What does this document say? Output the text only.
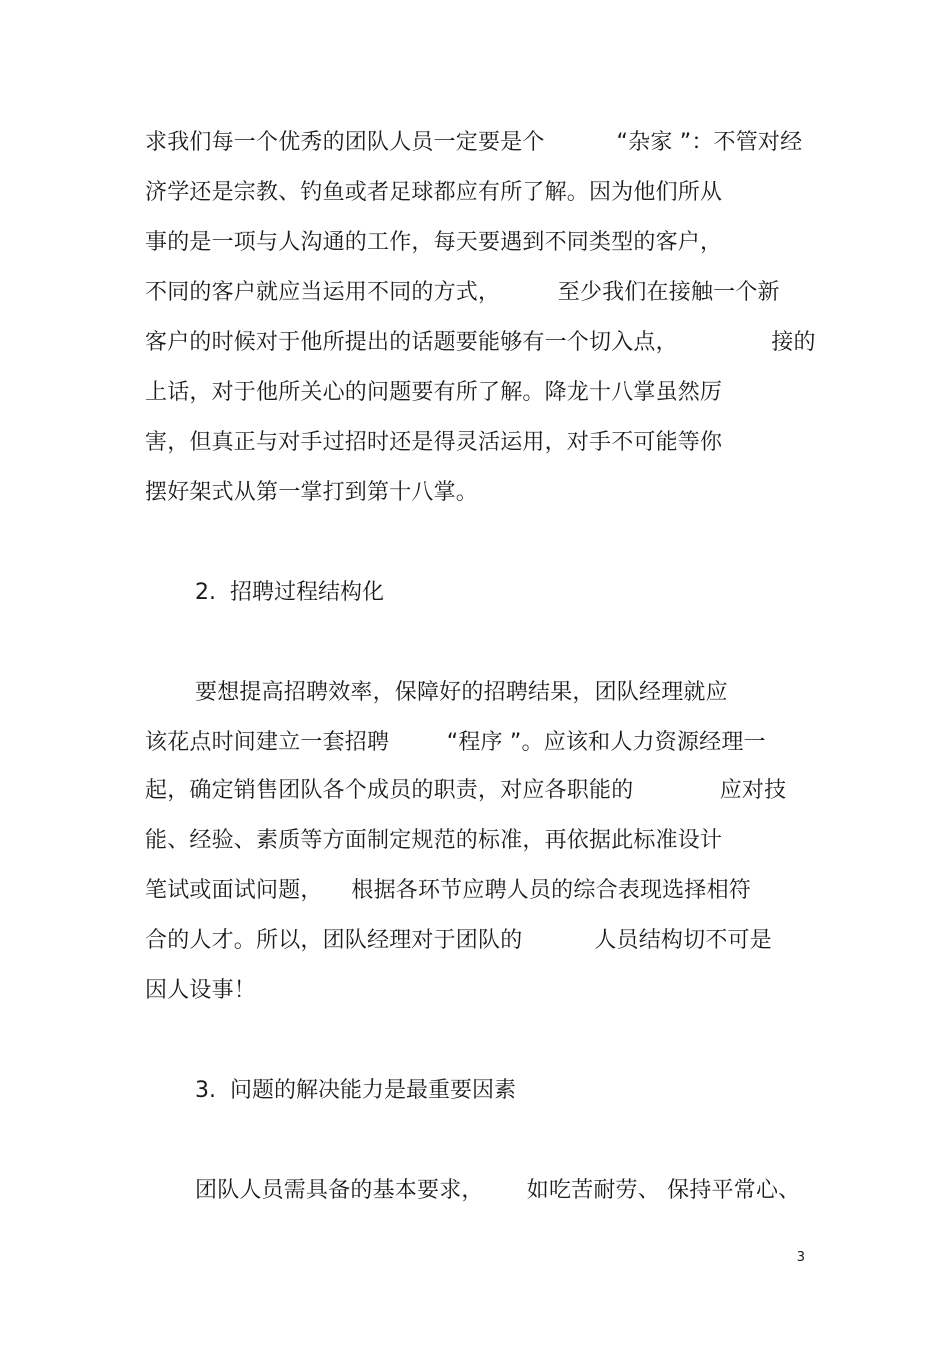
求我们每一个优秀的团队人员一定要是个          “杂家 ”：不管对经
济学还是宗教、钓鱼或者足球都应有所了解。因为他们所从
事的是一项与人沟通的工作，每天要遇到不同类型的客户，
不同的客户就应当运用不同的方式，        至少我们在接触一个新
客户的时候对于他所提出的话题要能够有一个切入点，             接的
上话，对于他所关心的问题要有所了解。降龙十八掌虽然厉
害，但真正与对手过招时还是得灵活运用，对手不可能等你
摆好架式从第一掌打到第十八掌。
2.  招聘过程结构化
要想提高招聘效率，保障好的招聘结果，团队经理就应
该花点时间建立一套招聘        “程序 ”。应该和人力资源经理一
起，确定销售团队各个成员的职责，对应各职能的            应对技
能、经验、素质等方面制定规范的标准，再依据此标准设计
笔试或面试问题，    根据各环节应聘人员的综合表现选择相符
合的人才。所以，团队经理对于团队的          人员结构切不可是
因人设事！
3.  问题的解决能力是最重要因素
团队人员需具备的基本要求，      如吃苦耐劳、 保持平常心、
3
